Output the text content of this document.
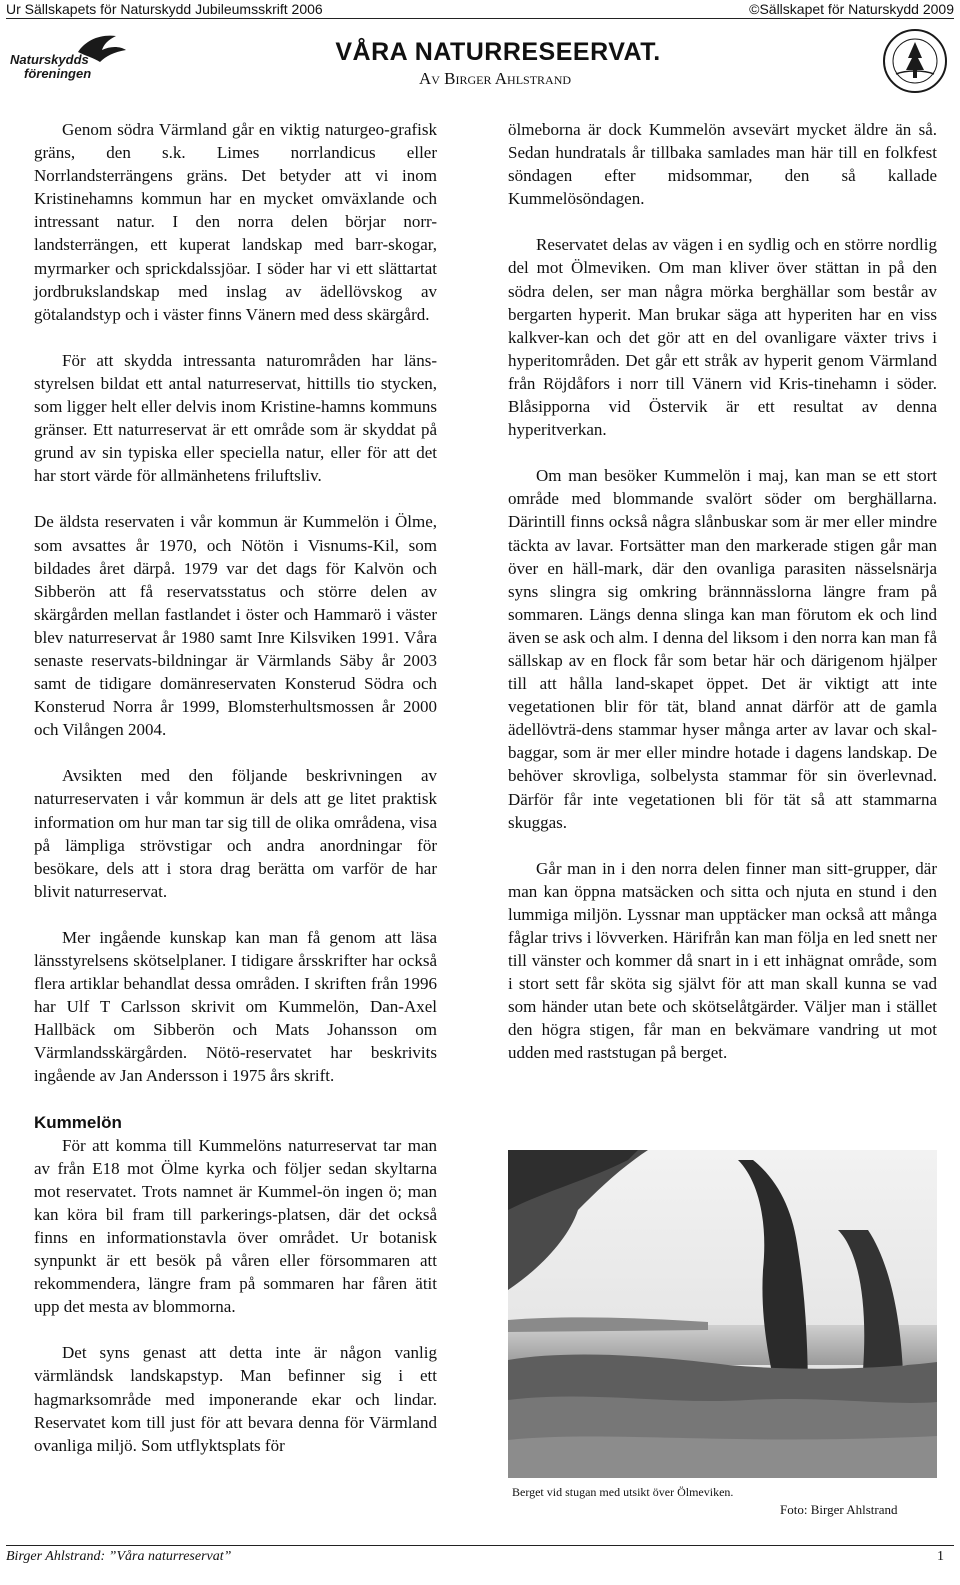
Ur Sällskapets för Naturskydd Jubileumsskrift 2006	©Sällskapet för Naturskydd 2009
Naturskydds
föreningen
VÅRA NATURRESEERVAT.
Av Birger Ahlstrand

Genom södra Värmland går en viktig naturgeo-grafisk gräns, den s.k. Limes norrlandicus eller Norrlandsterrängens gräns. Det betyder att vi inom Kristinehamns kommun har en mycket omväxlande och intressant natur. I den norra delen börjar norr-landsterrängen, ett kuperat landskap med barr-skogar, myrmarker och sprickdalssjöar. I söder har vi ett slättartat jordbrukslandskap med inslag av ädellövskog av götalandstyp och i väster finns Vänern med dess skärgård.

För att skydda intressanta naturområden har läns-styrelsen bildat ett antal naturreservat, hittills tio stycken, som ligger helt eller delvis inom Kristine-hamns kommuns gränser. Ett naturreservat är ett område som är skyddat på grund av sin typiska eller speciella natur, eller för att det har stort värde för allmänhetens friluftsliv.

De äldsta reservaten i vår kommun är Kummelön i Ölme, som avsattes år 1970, och Nötön i Visnums-Kil, som bildades året därpå. 1979 var det dags för Kalvön och Sibberön att få reservatsstatus och större delen av skärgården mellan fastlandet i öster och Hammarö i väster blev naturreservat år 1980 samt Inre Kilsviken 1991. Våra senaste reservats-bildningar är Värmlands Säby år 2003 samt de tidigare domänreservaten Konsterud Södra och Konsterud Norra år 1999, Blomsterhultsmossen år 2000 och Vilången 2004.

Avsikten med den följande beskrivningen av naturreservaten i vår kommun är dels att ge litet praktisk information om hur man tar sig till de olika områdena, visa på lämpliga strövstigar och andra anordningar för besökare, dels att i stora drag berätta om varför de har blivit naturreservat.

Mer ingående kunskap kan man få genom att läsa länsstyrelsens skötselplaner. I tidigare årsskrifter har också flera artiklar behandlat dessa områden. I skriften från 1996 har Ulf T Carlsson skrivit om Kummelön, Dan-Axel Hallbäck om Sibberön och Mats Johansson om Värmlandsskärgården. Nötö-reservatet har beskrivits ingående av Jan Andersson i 1975 års skrift.

Kummelön

För att komma till Kummelöns naturreservat tar man av från E18 mot Ölme kyrka och följer sedan skyltarna mot reservatet. Trots namnet är Kummel-ön ingen ö; man kan köra bil fram till parkerings-platsen, där det också finns en informationstavla över området. Ur botanisk synpunkt är ett besök på våren eller försommaren att rekommendera, längre fram på sommaren har fåren ätit upp det mesta av blommorna.

Det syns genast att detta inte är någon vanlig värmländsk landskapstyp. Man befinner sig i ett hagmarksområde med imponerande ekar och lindar. Reservatet kom till just för att bevara denna för Värmland ovanliga miljö. Som utflyktsplats för

ölmeborna är dock Kummelön avsevärt mycket äldre än så. Sedan hundratals år tillbaka samlades man här till en folkfest söndagen efter midsommar, den så kallade Kummelösöndagen.

Reservatet delas av vägen i en sydlig och en större nordlig del mot Ölmeviken. Om man kliver över stättan in på den södra delen, ser man några mörka berghällar som består av bergarten hyperit. Man brukar säga att hyperiten har en viss kalkver-kan och det gör att en del ovanligare växter trivs i hyperitområden. Det går ett stråk av hyperit genom Värmland från Röjdåfors i norr till Vänern vid Kris-tinehamn i söder. Blåsipporna vid Östervik är ett resultat av denna hyperitverkan.

Om man besöker Kummelön i maj, kan man se ett stort område med blommande svalört söder om berghällarna. Därintill finns också några slånbuskar som är mer eller mindre täckta av lavar. Fortsätter man den markerade stigen går man över en häll-mark, där den ovanliga parasiten nässelsnärja syns slingra sig omkring brännnässlorna längre fram på sommaren. Längs denna slinga kan man förutom ek och lind även se ask och alm. I denna del liksom i den norra kan man få sällskap av en flock får som betar här och därigenom hjälper till att hålla land-skapet öppet. Det är viktigt att inte vegetationen blir för tät, bland annat därför att de gamla ädellövträ-dens stammar hyser många arter av lavar och skal-baggar, som är mer eller mindre hotade i dagens landskap. De behöver skrovliga, solbelysta stammar för sin överlevnad. Därför får inte vegetationen bli för tät så att stammarna skuggas.

Går man in i den norra delen finner man sitt-grupper, där man kan öppna matsäcken och sitta och njuta en stund i den lummiga miljön. Lyssnar man upptäcker man också att många fåglar trivs i lövverken. Härifrån kan man följa en led snett ner till vänster och kommer då snart in i ett inhägnat område, som i stort sett får sköta sig självt för att man skall kunna se vad som händer utan bete och skötselåtgärder. Väljer man i stället den högra stigen, får man en bekvämare vandring ut mot udden med raststugan på berget.

Berget vid stugan med utsikt över Ölmeviken.
Foto: Birger Ahlstrand
Birger Ahlstrand: ”Våra naturreservat”	1
